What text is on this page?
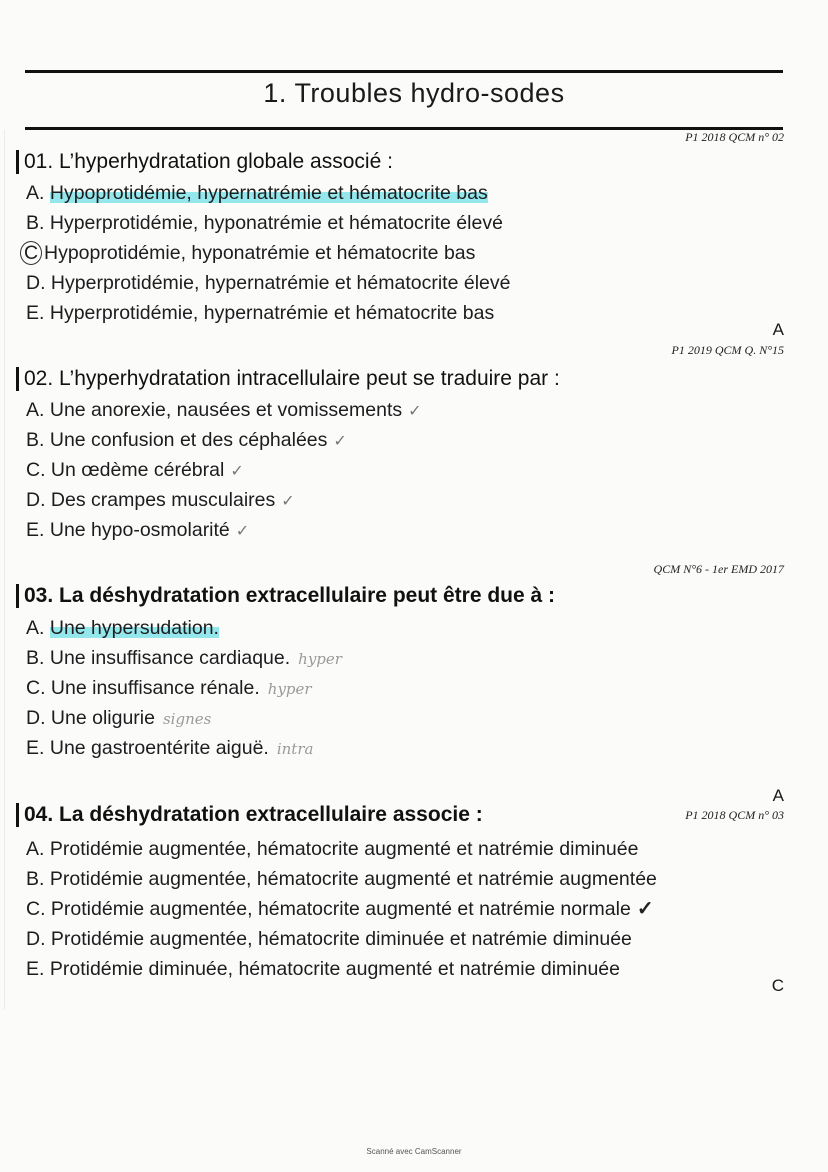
1. Troubles hydro-sodes
P1 2018 QCM n° 02
01. L’hyperhydratation globale associé :
A. Hypoprotidémie, hypernatrémie et hématocrite bas
B. Hyperprotidémie, hyponatrémie et hématocrite élevé
C Hypoprotidémie, hyponatrémie et hématocrite bas
D. Hyperprotidémie, hypernatrémie et hématocrite élevé
E. Hyperprotidémie, hypernatrémie et hématocrite bas
A
P1 2019 QCM Q. N°15
02. L’hyperhydratation intracellulaire peut se traduire par :
A. Une anorexie, nausées et vomissements ✓
B. Une confusion et des céphalées ✓
C. Un œdème cérébral ✓
D. Des crampes musculaires ✓
E. Une hypo-osmolarité ✓
QCM N°6 - 1er EMD 2017
03. La déshydratation extracellulaire peut être due à :
A. Une hypersudation.
B. Une insuffisance cardiaque. hyper
C. Une insuffisance rénale. hyper
D. Une oligurie signes
E. Une gastroentérite aiguë. intra
A
P1 2018 QCM n° 03
04. La déshydratation extracellulaire associe :
A. Protidémie augmentée, hématocrite augmenté et natrémie diminuée
B. Protidémie augmentée, hématocrite augmenté et natrémie augmentée
C. Protidémie augmentée, hématocrite augmenté et natrémie normale ✓
D. Protidémie augmentée, hématocrite diminuée et natrémie diminuée
E. Protidémie diminuée, hématocrite augmenté et natrémie diminuée
C
Scanné avec CamScanner
